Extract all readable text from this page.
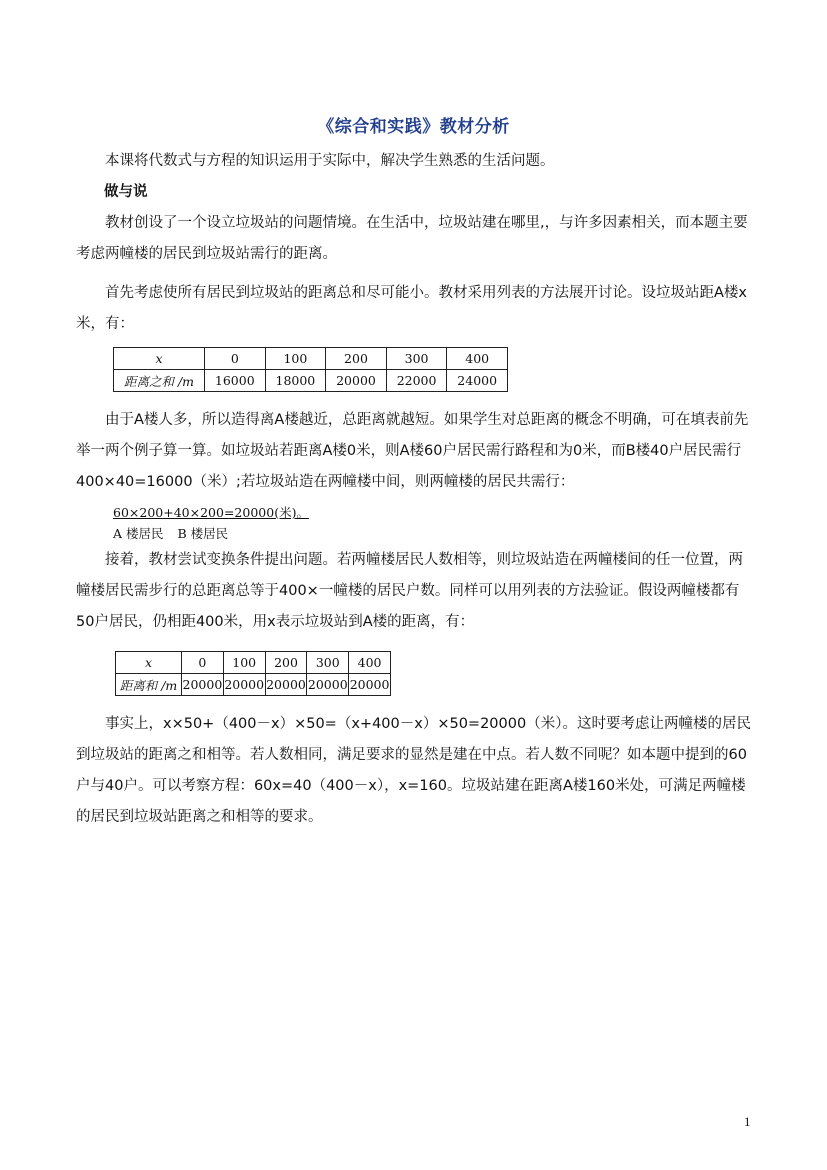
《综合和实践》教材分析

本课将代数式与方程的知识运用于实际中，解决学生熟悉的生活问题。

做与说

教材创设了一个设立垃圾站的问题情境。在生活中，垃圾站建在哪里,，与许多因素相关，而本题主要考虑两幢楼的居民到垃圾站需行的距离。

首先考虑使所有居民到垃圾站的距离总和尽可能小。教材采用列表的方法展开讨论。设垃圾站距A楼x米，有：

x	0	100	200	300	400
距离之和 /m	16000	18000	20000	22000	24000

由于A楼人多，所以造得离A楼越近，总距离就越短。如果学生对总距离的概念不明确，可在填表前先举一两个例子算一算。如垃圾站若距离A楼0米，则A楼60户居民需行路程和为0米，而B楼40户居民需行400×40=16000（米）;若垃圾站造在两幢楼中间，则两幢楼的居民共需行：

60×200+40×200=20000(米)。
A 楼居民 B 楼居民

接着，教材尝试变换条件提出问题。若两幢楼居民人数相等，则垃圾站造在两幢楼间的任一位置，两幢楼居民需步行的总距离总等于400×一幢楼的居民户数。同样可以用列表的方法验证。假设两幢楼都有50户居民，仍相距400米，用x表示垃圾站到A楼的距离，有：

x	0	100	200	300	400
距离和 /m	20000	20000	20000	20000	20000

事实上，x×50+（400－x）×50=（x+400－x）×50=20000（米）。这时要考虑让两幢楼的居民到垃圾站的距离之和相等。若人数相同，满足要求的显然是建在中点。若人数不同呢？如本题中提到的60户与40户。可以考察方程：60x=40（400－x），x=160。垃圾站建在距离A楼160米处，可满足两幢楼的居民到垃圾站距离之和相等的要求。

1
